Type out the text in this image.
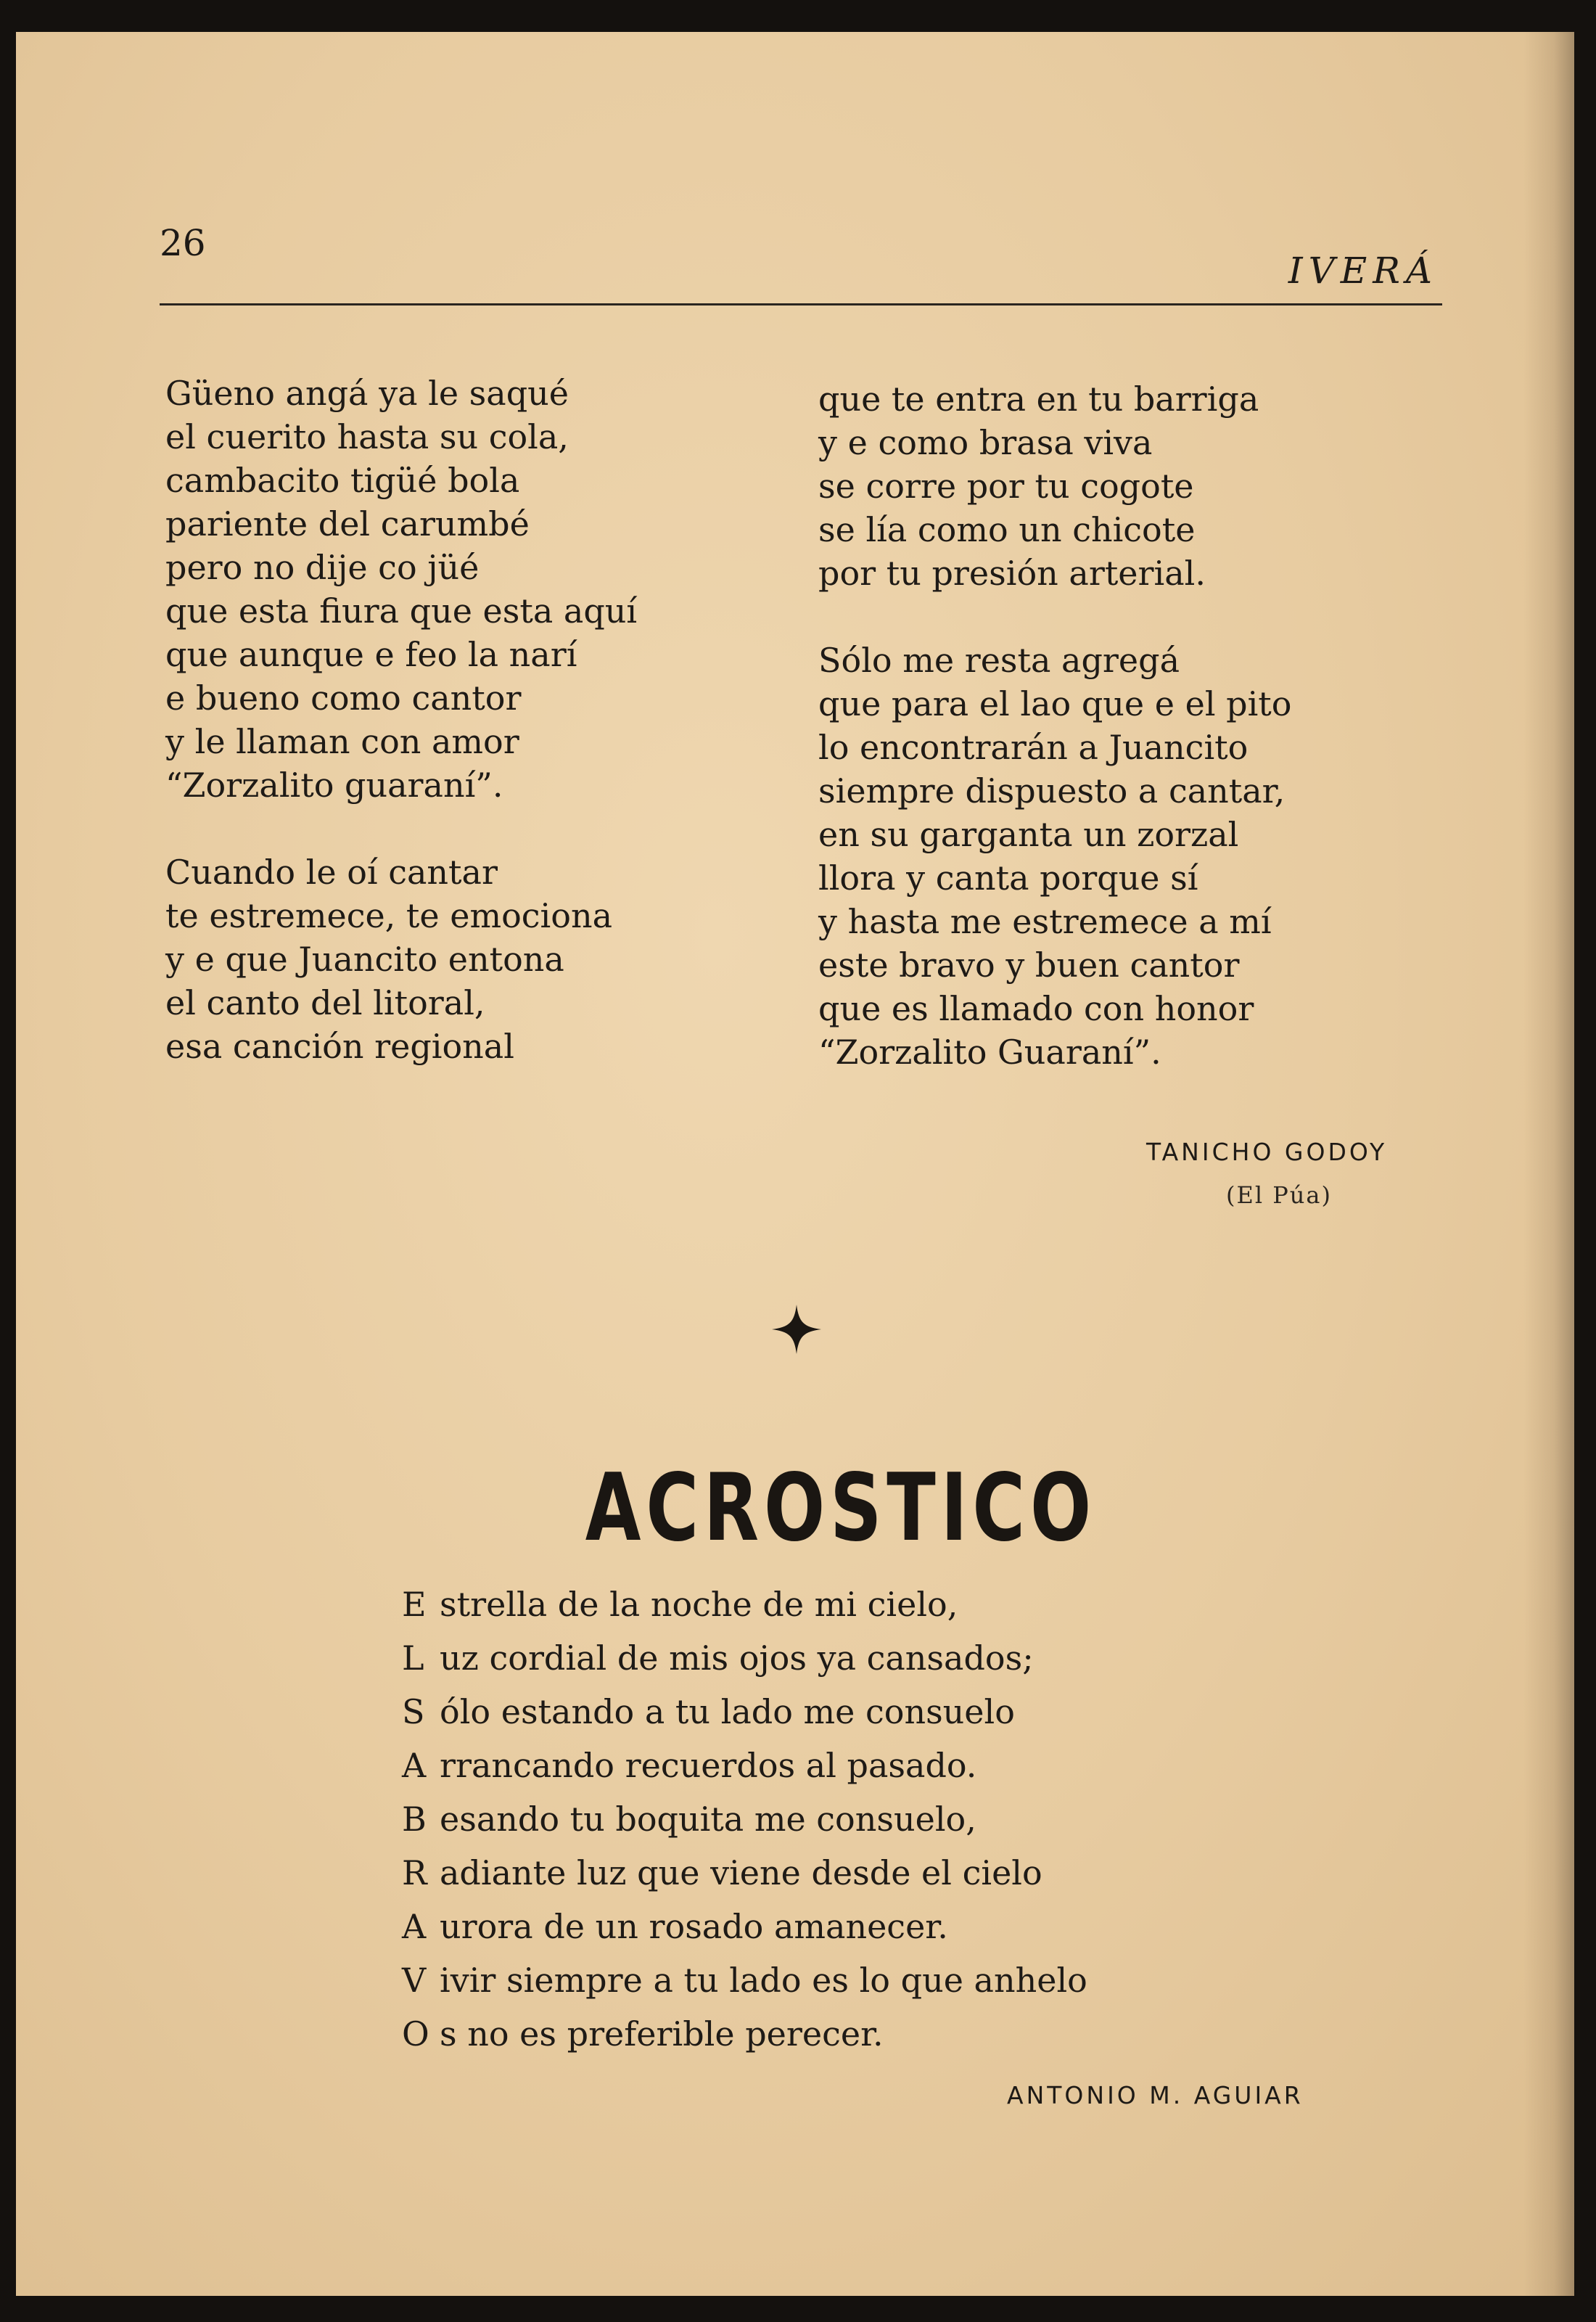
26
IVERÁ
Güeno angá ya le saqué
el cuerito hasta su cola,
cambacito tigüé bola
pariente del carumbé
pero no dije co jüé
que esta fiura que esta aquí
que aunque e feo la narí
e bueno como cantor
y le llaman con amor
“Zorzalito guaraní”.
Cuando le oí cantar
te estremece, te emociona
y e que Juancito entona
el canto del litoral,
esa canción regional
que te entra en tu barriga
y e como brasa viva
se corre por tu cogote
se lía como un chicote
por tu presión arterial.
Sólo me resta agregá
que para el lao que e el pito
lo encontrarán a Juancito
siempre dispuesto a cantar,
en su garganta un zorzal
llora y canta porque sí
y hasta me estremece a mí
este bravo y buen cantor
que es llamado con honor
“Zorzalito Guaraní”.
TANICHO GODOY
(El Púa)
ACROSTICO
E strella de la noche de mi cielo,
L uz cordial de mis ojos ya cansados;
S ólo estando a tu lado me consuelo
A rrancando recuerdos al pasado.
B esando tu boquita me consuelo,
R adiante luz que viene desde el cielo
A urora de un rosado amanecer.
V ivir siempre a tu lado es lo que anhelo
O s no es preferible perecer.
ANTONIO M. AGUIAR
